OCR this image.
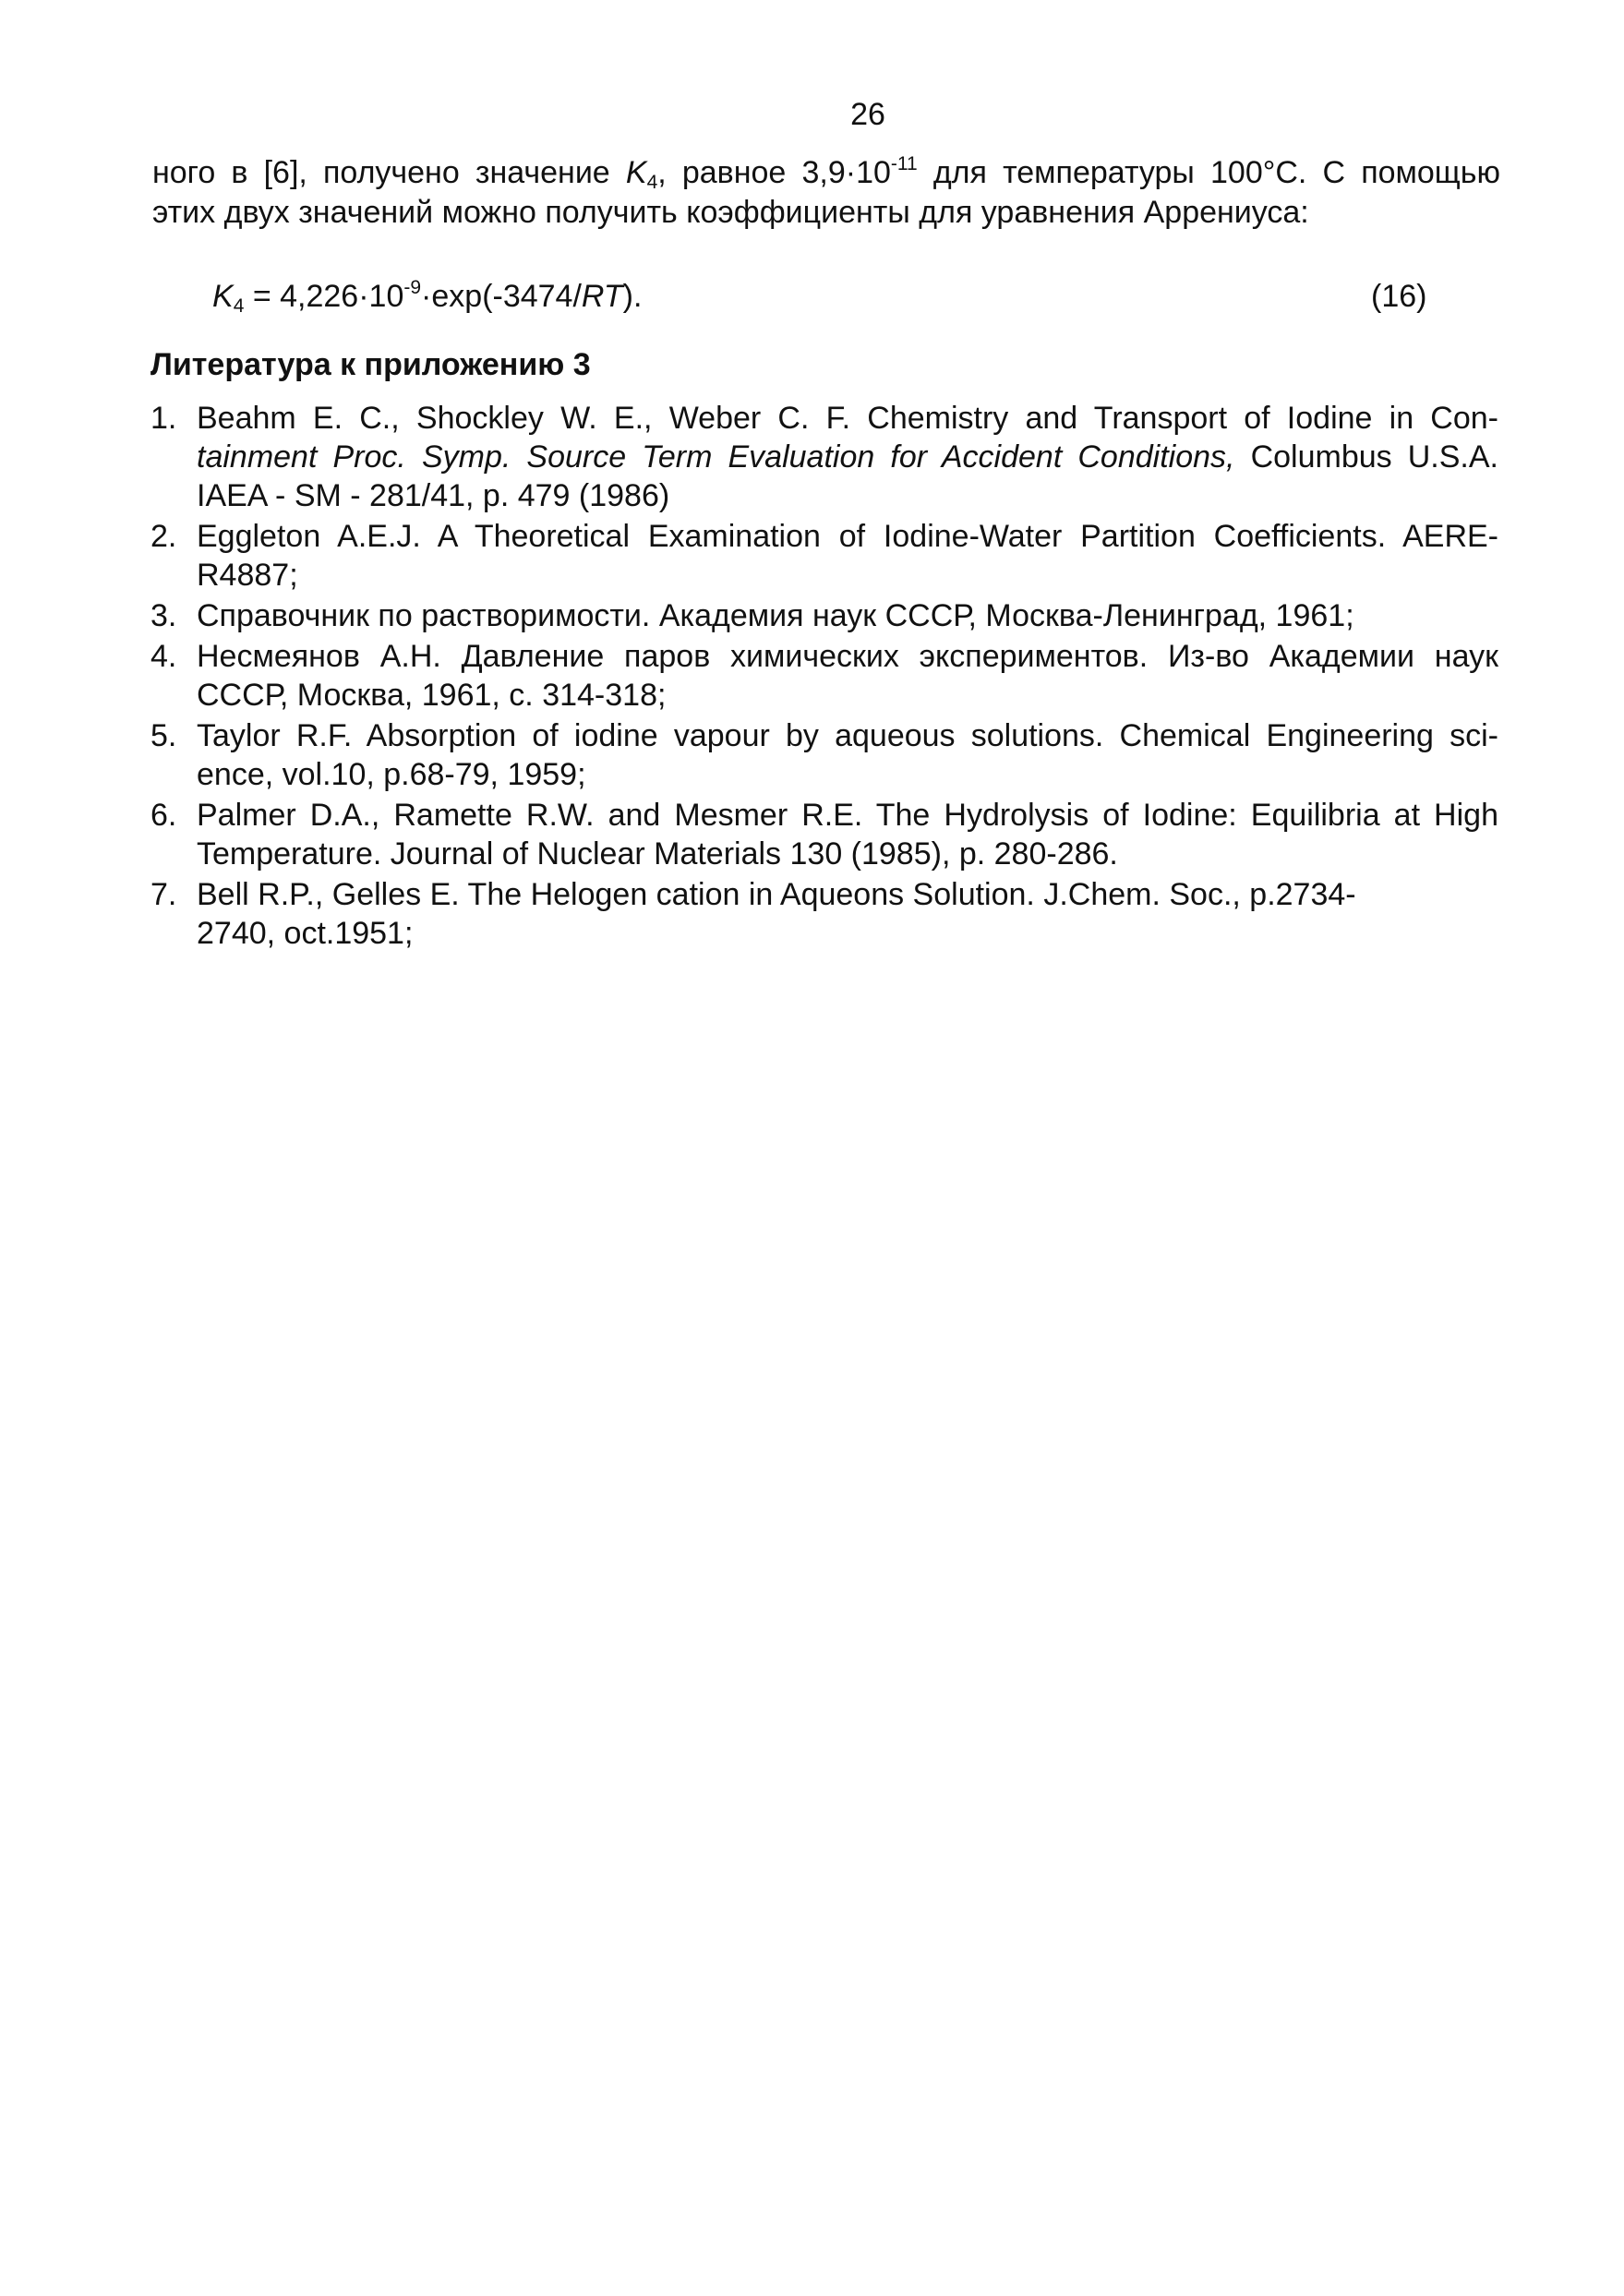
26
ного в [6], получено значение $K_4$, равное $3,9\cdot 10^{-11}$ для температуры 100°C. С помощью
этих двух значений можно получить коэффициенты для уравнения Аррениуса:
$K_4 = 4,226\cdot 10^{-9}\cdot\exp(-3474/RT)$.	(16)
Литература к приложению 3
1. Beahm E. C., Shockley W. E., Weber C. F. Chemistry and Transport of Iodine in Con-
tainment Proc. Symp. Source Term Evaluation for Accident Conditions, Columbus U.S.A.
IAEA - SM - 281/41, p. 479 (1986)
2. Eggleton A.E.J. A Theoretical Examination of Iodine-Water Partition Coefficients. AERE-
R4887;
3. Справочник по растворимости. Академия наук СССР, Москва-Ленинград, 1961;
4. Несмеянов А.Н. Давление паров химических экспериментов. Из-во Академии наук
СССР, Москва, 1961, с. 314-318;
5. Taylor R.F. Absorption of iodine vapour by aqueous solutions. Chemical Engineering sci-
ence, vol.10, p.68-79, 1959;
6. Palmer D.A., Ramette R.W. and Mesmer R.E. The Hydrolysis of Iodine: Equilibria at High
Temperature. Journal of Nuclear Materials 130 (1985), p. 280-286.
7. Bell R.P., Gelles E. The Helogen cation in Aqueons Solution. J.Chem. Soc., p.2734-
2740, oct.1951;
